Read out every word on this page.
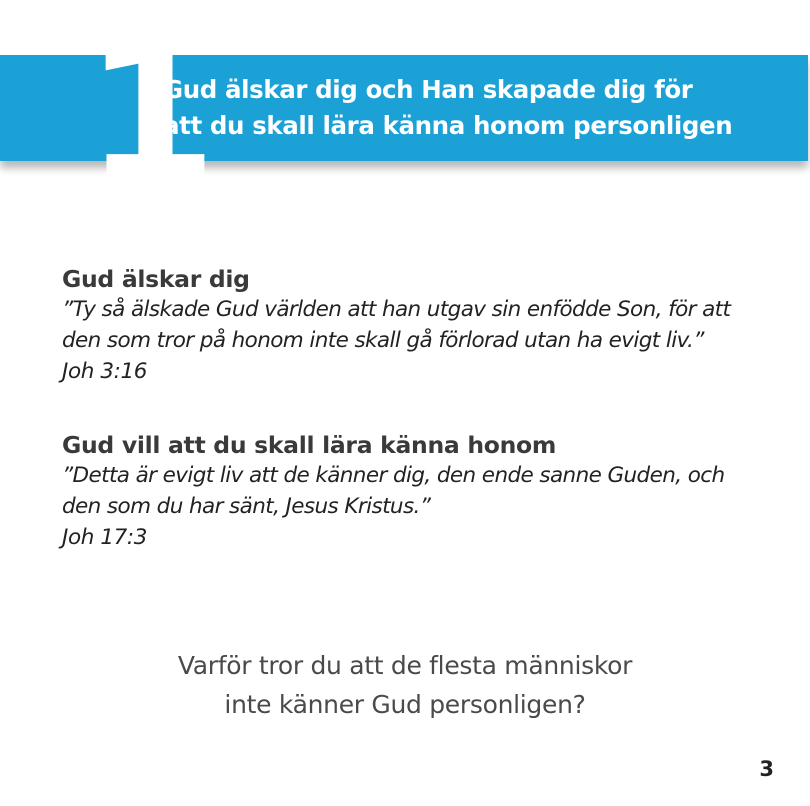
1
Gud älskar dig och Han skapade dig för
att du skall lära känna honom personligen
Gud älskar dig
”Ty så älskade Gud världen att han utgav sin enfödde Son, för att
den som tror på honom inte skall gå förlorad utan ha evigt liv.”
Joh 3:16
Gud vill att du skall lära känna honom
”Detta är evigt liv att de känner dig, den ende sanne Guden, och
den som du har sänt, Jesus Kristus.”
Joh 17:3
Varför tror du att de flesta människor
inte känner Gud personligen?
3
